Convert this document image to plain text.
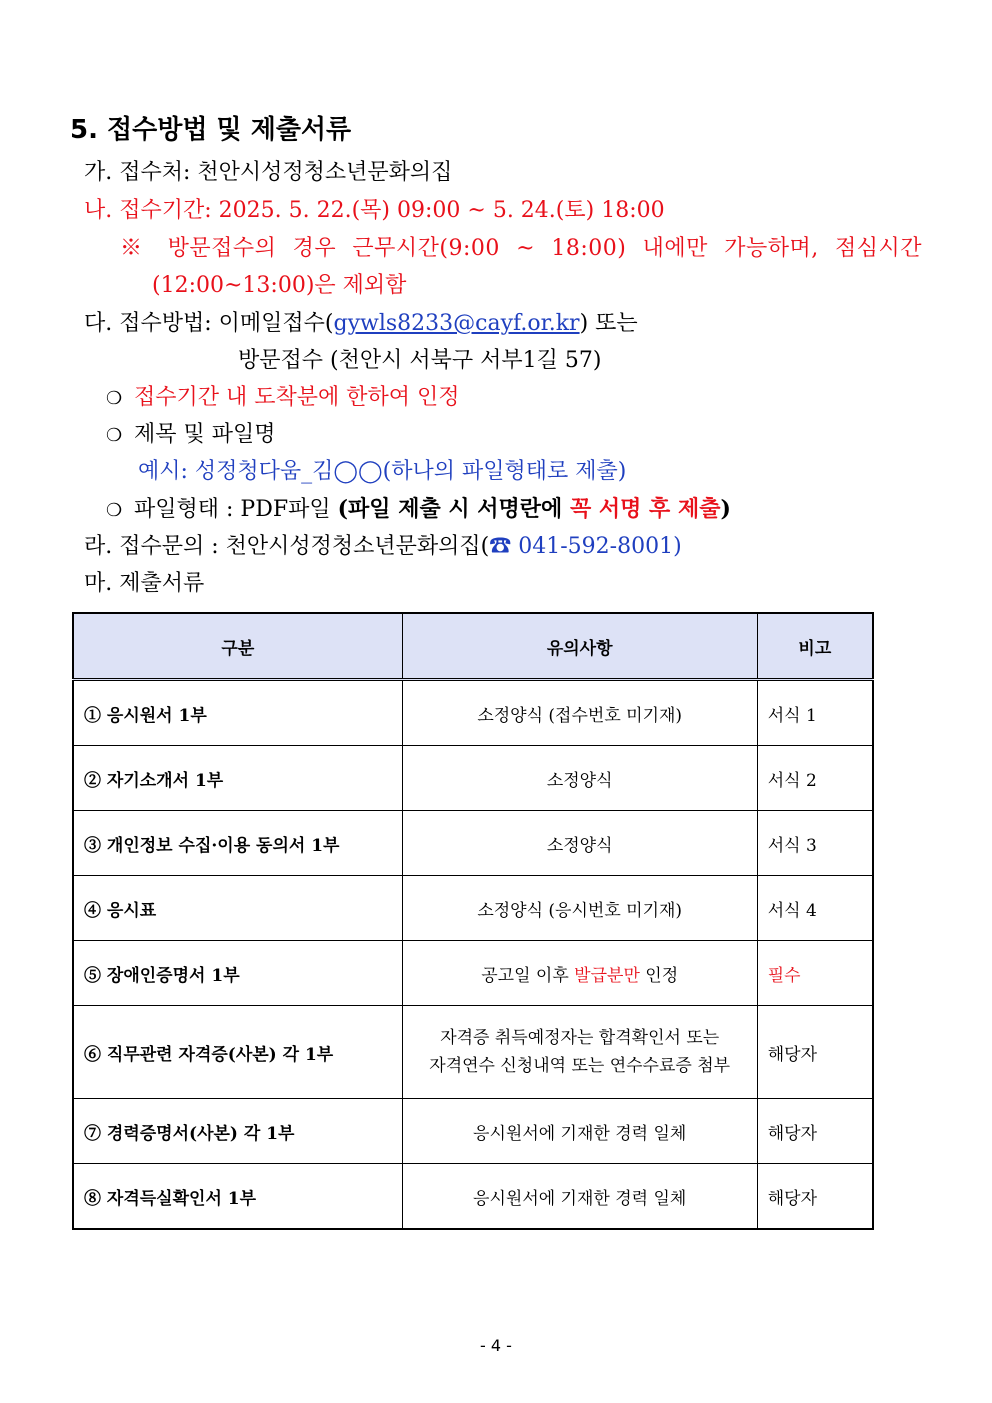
5. 접수방법 및 제출서류
가. 접수처: 천안시성정청소년문화의집
나. 접수기간: 2025. 5. 22.(목) 09:00 ~ 5. 24.(토) 18:00
※ 방문접수의 경우 근무시간(9:00 ~ 18:00) 내에만 가능하며, 점심시간
(12:00~13:00)은 제외함
다. 접수방법: 이메일접수(gywls8233@cayf.or.kr) 또는
방문접수 (천안시 서북구 서부1길 57)
❍ 접수기간 내 도착분에 한하여 인정
❍ 제목 및 파일명
예시: 성정청다움_김◯◯(하나의 파일형태로 제출)
❍ 파일형태 : PDF파일 (파일 제출 시 서명란에 꼭 서명 후 제출)
라. 접수문의 : 천안시성정청소년문화의집(☎ 041-592-8001)
마. 제출서류
구분	유의사항	비고
① 응시원서 1부	소정양식 (접수번호 미기재)	서식 1
② 자기소개서 1부	소정양식	서식 2
③ 개인정보 수집·이용 동의서 1부	소정양식	서식 3
④ 응시표	소정양식 (응시번호 미기재)	서식 4
⑤ 장애인증명서 1부	공고일 이후 발급분만 인정	필수
⑥ 직무관련 자격증(사본) 각 1부	자격증 취득예정자는 합격확인서 또는
자격연수 신청내역 또는 연수수료증 첨부	해당자
⑦ 경력증명서(사본) 각 1부	응시원서에 기재한 경력 일체	해당자
⑧ 자격득실확인서 1부	응시원서에 기재한 경력 일체	해당자
- 4 -
